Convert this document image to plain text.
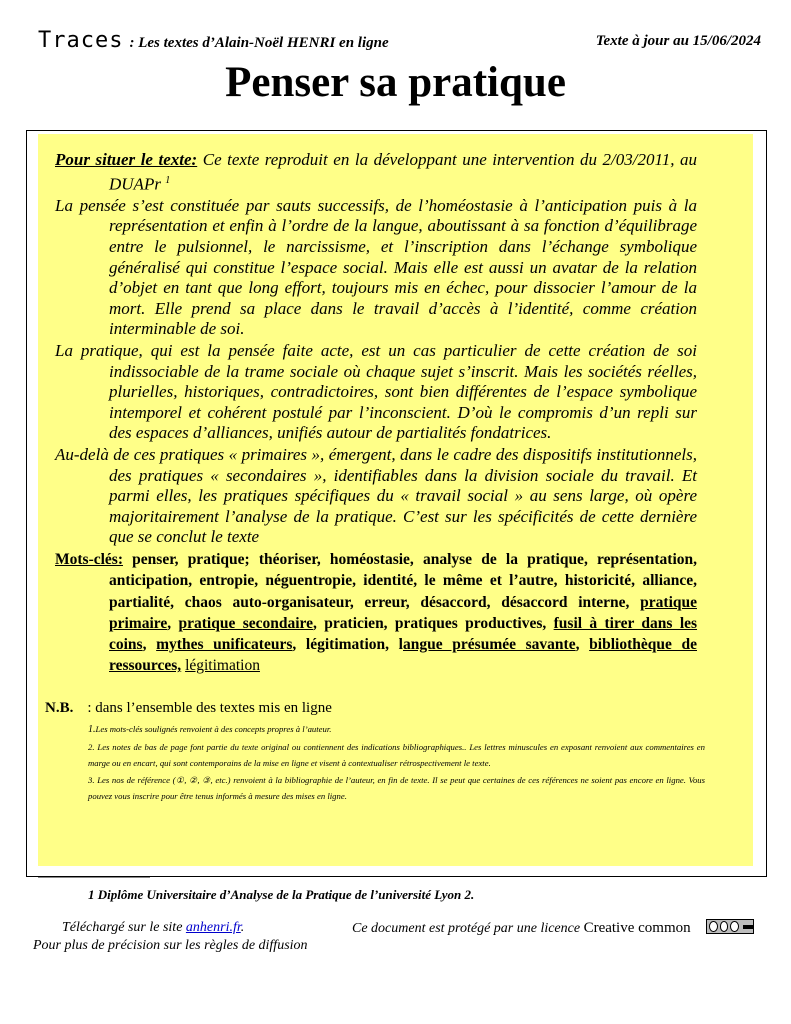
Traces : Les textes d’Alain-Noël HENRI en ligne	Texte à jour au 15/06/2024
Penser sa pratique

Pour situer le texte: Ce texte reproduit en la développant une intervention du 2/03/2011, au DUAPr $^1$

La pensée s’est constituée par sauts successifs, de l’homéostasie à l’anticipation puis à la représentation et enfin à l’ordre de la langue, aboutissant à sa fonction d’équilibrage entre le pulsionnel, le narcissisme, et l’inscription dans l’échange symbolique généralisé qui constitue l’espace social. Mais elle est aussi un avatar de la relation d’objet en tant que long effort, toujours mis en échec, pour dissocier l’amour de la mort. Elle prend sa place dans le travail d’accès à l’identité, comme création interminable de soi.

La pratique, qui est la pensée faite acte, est un cas particulier de cette création de soi indissociable de la trame sociale où chaque sujet s’inscrit. Mais les sociétés réelles, plurielles, historiques, contradictoires, sont bien différentes de l’espace symbolique intemporel et cohérent postulé par l’inconscient. D’où le compromis d’un repli sur des espaces d’alliances, unifiés autour de partialités fondatrices.

Au-delà de ces pratiques « primaires », émergent, dans le cadre des dispositifs institutionnels, des pratiques « secondaires », identifiables dans la division sociale du travail. Et parmi elles, les pratiques spécifiques du « travail social » au sens large, où opère majoritairement l’analyse de la pratique. C’est sur les spécificités de cette dernière que se conclut le texte

Mots-clés: penser, pratique; théoriser, homéostasie, analyse de la pratique, représentation, anticipation, entropie, néguentropie, identité, le même et l’autre, historicité, alliance, partialité, chaos auto-organisateur, erreur, désaccord, désaccord interne, pratique primaire, pratique secondaire, praticien, pratiques productives, fusil à tirer dans les coins, mythes unificateurs, légitimation, langue présumée savante, bibliothèque de ressources, légitimation
N.B. : dans l’ensemble des textes mis en ligne
1.Les mots-clés soulignés renvoient à des concepts propres à l’auteur.
2. Les notes de bas de page font partie du texte original ou contiennent des indications bibliographiques.. Les lettres minuscules en exposant renvoient aux commentaires en marge ou en encart, qui sont contemporains de la mise en ligne et visent à contextualiser rétrospectivement le texte.
3. Les nos de référence (①, ②, ③, etc.) renvoient à la bibliographie de l’auteur, en fin de texte. Il se peut que certaines de ces références ne soient pas encore en ligne. Vous pouvez vous inscrire pour être tenus informés à mesure des mises en ligne.
1 Diplôme Universitaire d’Analyse de la Pratique de l’université Lyon 2.
Téléchargé sur le site anhenri.fr.
Pour plus de précision sur les règles de diffusion
Ce document est protégé par une licence Creative common
